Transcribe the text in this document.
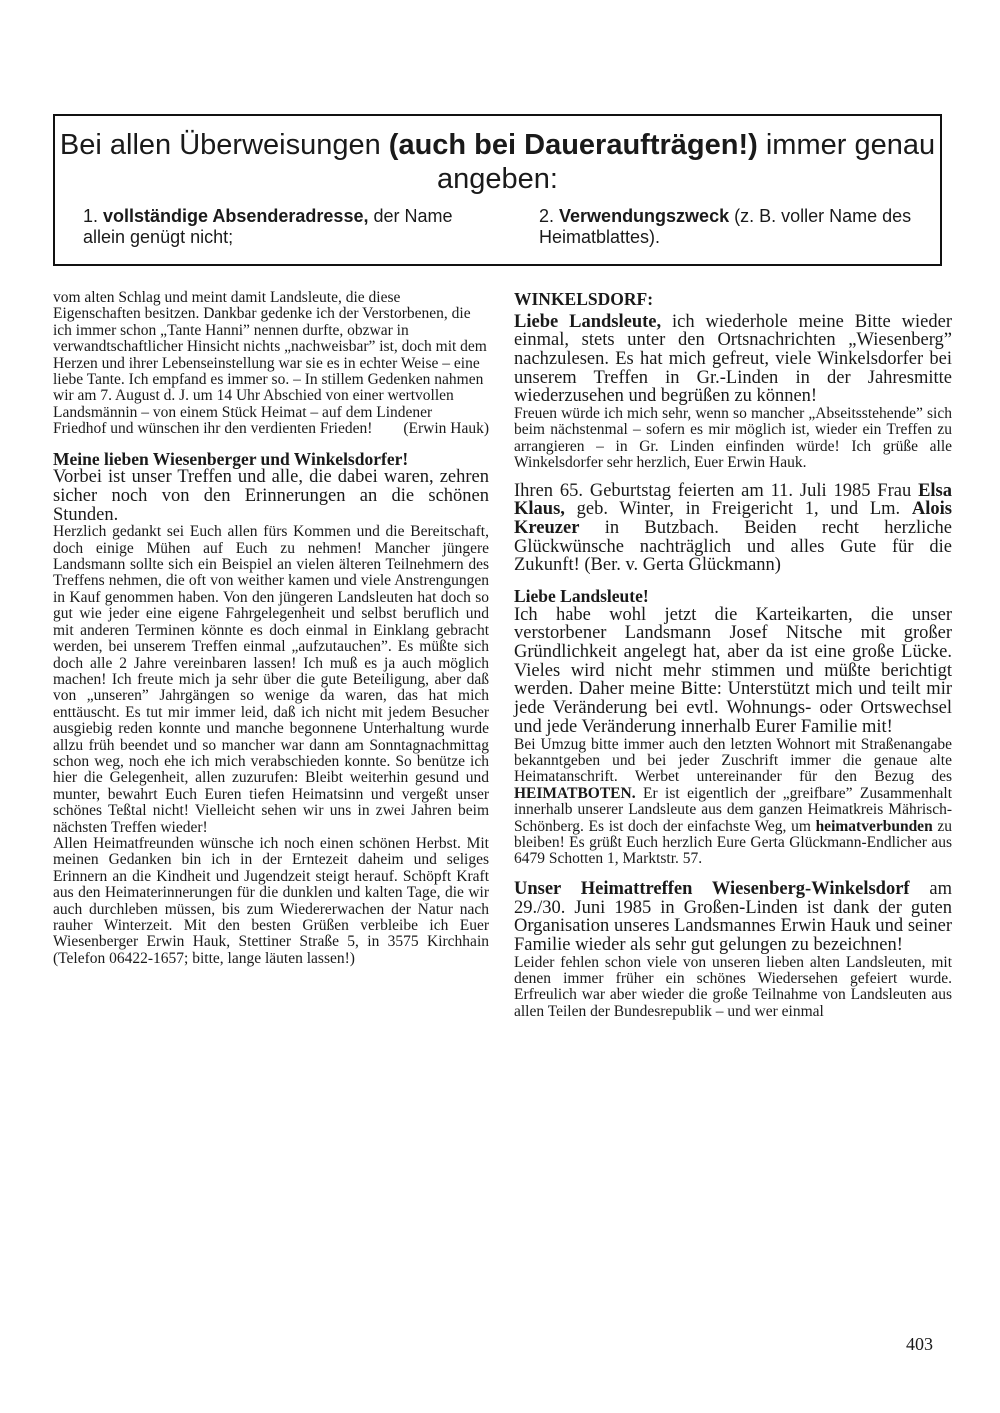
Bei allen Überweisungen (auch bei Daueraufträgen!) immer genau angeben:
1. vollständige Absenderadresse, der Name allein genügt nicht;
2. Verwendungszweck (z. B. voller Name des Heimatblattes).

vom alten Schlag und meint damit Landsleute, die diese Eigenschaften besitzen. Dankbar gedenke ich der Verstorbenen, die ich immer schon „Tante Hanni” nennen durfte, obzwar in verwandtschaftlicher Hinsicht nichts „nachweisbar” ist, doch mit dem Herzen und ihrer Lebenseinstellung war sie es in echter Weise – eine liebe Tante. Ich empfand es immer so. – In stillem Gedenken nahmen wir am 7. August d. J. um 14 Uhr Abschied von einer wertvollen Landsmännin – von einem Stück Heimat – auf dem Lindener Friedhof und wünschen ihr den verdienten Frieden! (Erwin Hauk)

Meine lieben Wiesenberger und Winkelsdorfer!

Vorbei ist unser Treffen und alle, die dabei waren, zehren sicher noch von den Erinnerungen an die schönen Stunden.

Herzlich gedankt sei Euch allen fürs Kommen und die Bereitschaft, doch einige Mühen auf Euch zu nehmen! Mancher jüngere Landsmann sollte sich ein Beispiel an vielen älteren Teilnehmern des Treffens nehmen, die oft von weither kamen und viele Anstrengungen in Kauf genommen haben. Von den jüngeren Landsleuten hat doch so gut wie jeder eine eigene Fahrgelegenheit und selbst beruflich und mit anderen Terminen könnte es doch einmal in Einklang gebracht werden, bei unserem Treffen einmal „aufzutauchen”. Es müßte sich doch alle 2 Jahre vereinbaren lassen! Ich muß es ja auch möglich machen! Ich freute mich ja sehr über die gute Beteiligung, aber daß von „unseren” Jahrgängen so wenige da waren, das hat mich enttäuscht. Es tut mir immer leid, daß ich nicht mit jedem Besucher ausgiebig reden konnte und manche begonnene Unterhaltung wurde allzu früh beendet und so mancher war dann am Sonntagnachmittag schon weg, noch ehe ich mich verabschieden konnte. So benütze ich hier die Gelegenheit, allen zuzurufen: Bleibt weiterhin gesund und munter, bewahrt Euch Euren tiefen Heimatsinn und vergeßt unser schönes Teßtal nicht! Vielleicht sehen wir uns in zwei Jahren beim nächsten Treffen wieder!

Allen Heimatfreunden wünsche ich noch einen schönen Herbst. Mit meinen Gedanken bin ich in der Erntezeit daheim und seliges Erinnern an die Kindheit und Jugendzeit steigt herauf. Schöpft Kraft aus den Heimaterinnerungen für die dunklen und kalten Tage, die wir auch durchleben müssen, bis zum Wiedererwachen der Natur nach rauher Winterzeit. Mit den besten Grüßen verbleibe ich Euer Wiesenberger Erwin Hauk, Stettiner Straße 5, in 3575 Kirchhain (Telefon 06422-1657; bitte, lange läuten lassen!)

WINKELSDORF:

Liebe Landsleute, ich wiederhole meine Bitte wieder einmal, stets unter den Ortsnachrichten „Wiesenberg” nachzulesen. Es hat mich gefreut, viele Winkelsdorfer bei unserem Treffen in Gr.-Linden in der Jahresmitte wiederzusehen und begrüßen zu können!

Freuen würde ich mich sehr, wenn so mancher „Abseitsstehende” sich beim nächstenmal – sofern es mir möglich ist, wieder ein Treffen zu arrangieren – in Gr. Linden einfinden würde! Ich grüße alle Winkelsdorfer sehr herzlich, Euer Erwin Hauk.

Ihren 65. Geburtstag feierten am 11. Juli 1985 Frau Elsa Klaus, geb. Winter, in Freigericht 1, und Lm. Alois Kreuzer in Butzbach. Beiden recht herzliche Glückwünsche nachträglich und alles Gute für die Zukunft! (Ber. v. Gerta Glückmann)

Liebe Landsleute!

Ich habe wohl jetzt die Karteikarten, die unser verstorbener Landsmann Josef Nitsche mit großer Gründlichkeit angelegt hat, aber da ist eine große Lücke. Vieles wird nicht mehr stimmen und müßte berichtigt werden. Daher meine Bitte: Unterstützt mich und teilt mir jede Veränderung bei evtl. Wohnungs- oder Ortswechsel und jede Veränderung innerhalb Eurer Familie mit!

Bei Umzug bitte immer auch den letzten Wohnort mit Straßenangabe bekanntgeben und bei jeder Zuschrift immer die genaue alte Heimatanschrift. Werbet untereinander für den Bezug des HEIMATBOTEN. Er ist eigentlich der „greifbare” Zusammenhalt innerhalb unserer Landsleute aus dem ganzen Heimatkreis Mährisch-Schönberg. Es ist doch der einfachste Weg, um heimatverbunden zu bleiben! Es grüßt Euch herzlich Eure Gerta Glückmann-Endlicher aus 6479 Schotten 1, Marktstr. 57.

Unser Heimattreffen Wiesenberg-Winkelsdorf am 29./30. Juni 1985 in Großen-Linden ist dank der guten Organisation unseres Landsmannes Erwin Hauk und seiner Familie wieder als sehr gut gelungen zu bezeichnen!

Leider fehlen schon viele von unseren lieben alten Landsleuten, mit denen immer früher ein schönes Wiedersehen gefeiert wurde. Erfreulich war aber wieder die große Teilnahme von Landsleuten aus allen Teilen der Bundesrepublik – und wer einmal

403
